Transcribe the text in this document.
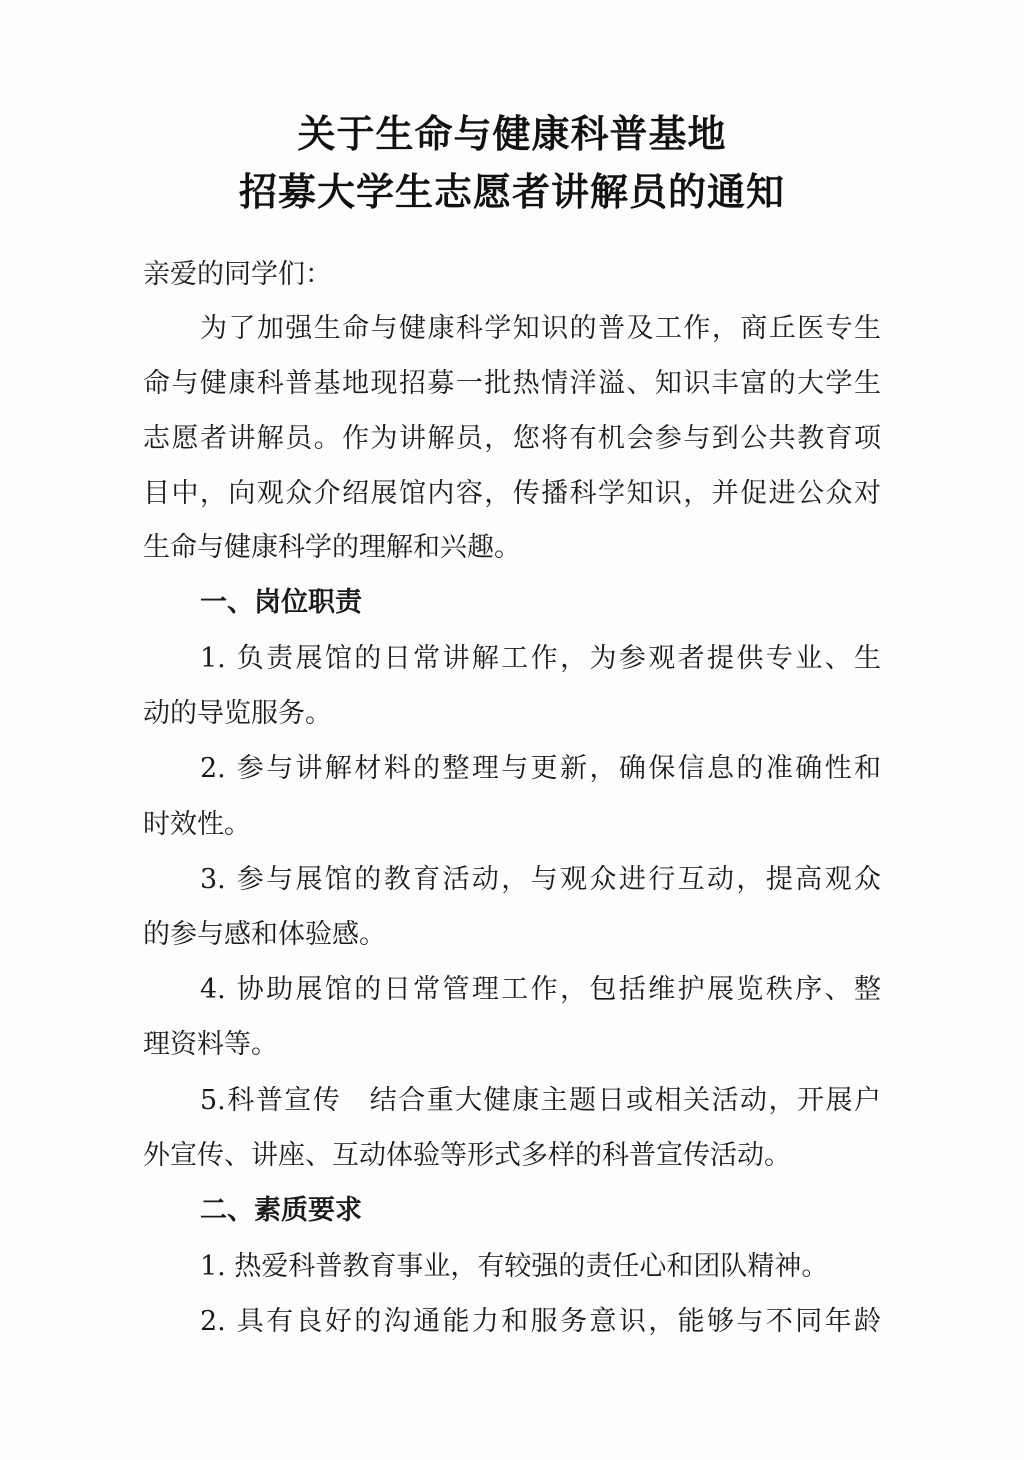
关于生命与健康科普基地
招募大学生志愿者讲解员的通知
亲爱的同学们：
为了加强生命与健康科学知识的普及工作，商丘医专生
命与健康科普基地现招募一批热情洋溢、知识丰富的大学生
志愿者讲解员。作为讲解员，您将有机会参与到公共教育项
目中，向观众介绍展馆内容，传播科学知识，并促进公众对
生命与健康科学的理解和兴趣。
一、岗位职责
1. 负责展馆的日常讲解工作，为参观者提供专业、生
动的导览服务。
2. 参与讲解材料的整理与更新，确保信息的准确性和
时效性。
3. 参与展馆的教育活动，与观众进行互动，提高观众
的参与感和体验感。
4. 协助展馆的日常管理工作，包括维护展览秩序、整
理资料等。
5.科普宣传　结合重大健康主题日或相关活动，开展户
外宣传、讲座、互动体验等形式多样的科普宣传活动。
二、素质要求
1. 热爱科普教育事业，有较强的责任心和团队精神。
2. 具有良好的沟通能力和服务意识，能够与不同年龄
